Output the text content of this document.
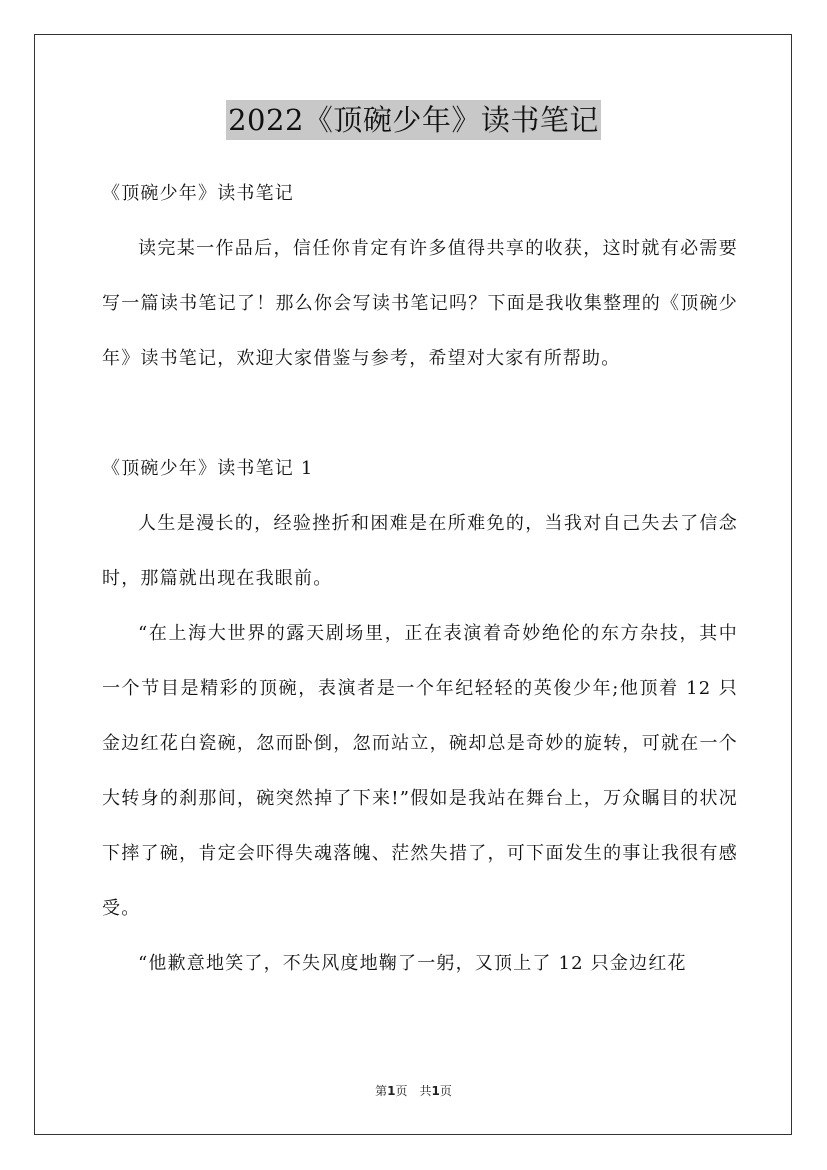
2022《顶碗少年》读书笔记

《顶碗少年》读书笔记

读完某一作品后，信任你肯定有许多值得共享的收获，这时就有必需要写一篇读书笔记了！那么你会写读书笔记吗？下面是我收集整理的《顶碗少年》读书笔记，欢迎大家借鉴与参考，希望对大家有所帮助。

《顶碗少年》读书笔记 1

人生是漫长的，经验挫折和困难是在所难免的，当我对自己失去了信念时，那篇就出现在我眼前。

“在上海大世界的露天剧场里，正在表演着奇妙绝伦的东方杂技，其中一个节目是精彩的顶碗，表演者是一个年纪轻轻的英俊少年;他顶着 12 只金边红花白瓷碗，忽而卧倒，忽而站立，碗却总是奇妙的旋转，可就在一个大转身的刹那间，碗突然掉了下来!”假如是我站在舞台上，万众瞩目的状况下摔了碗，肯定会吓得失魂落魄、茫然失措了，可下面发生的事让我很有感受。

“他歉意地笑了，不失风度地鞠了一躬，又顶上了 12 只金边红花

第1页　共1页
